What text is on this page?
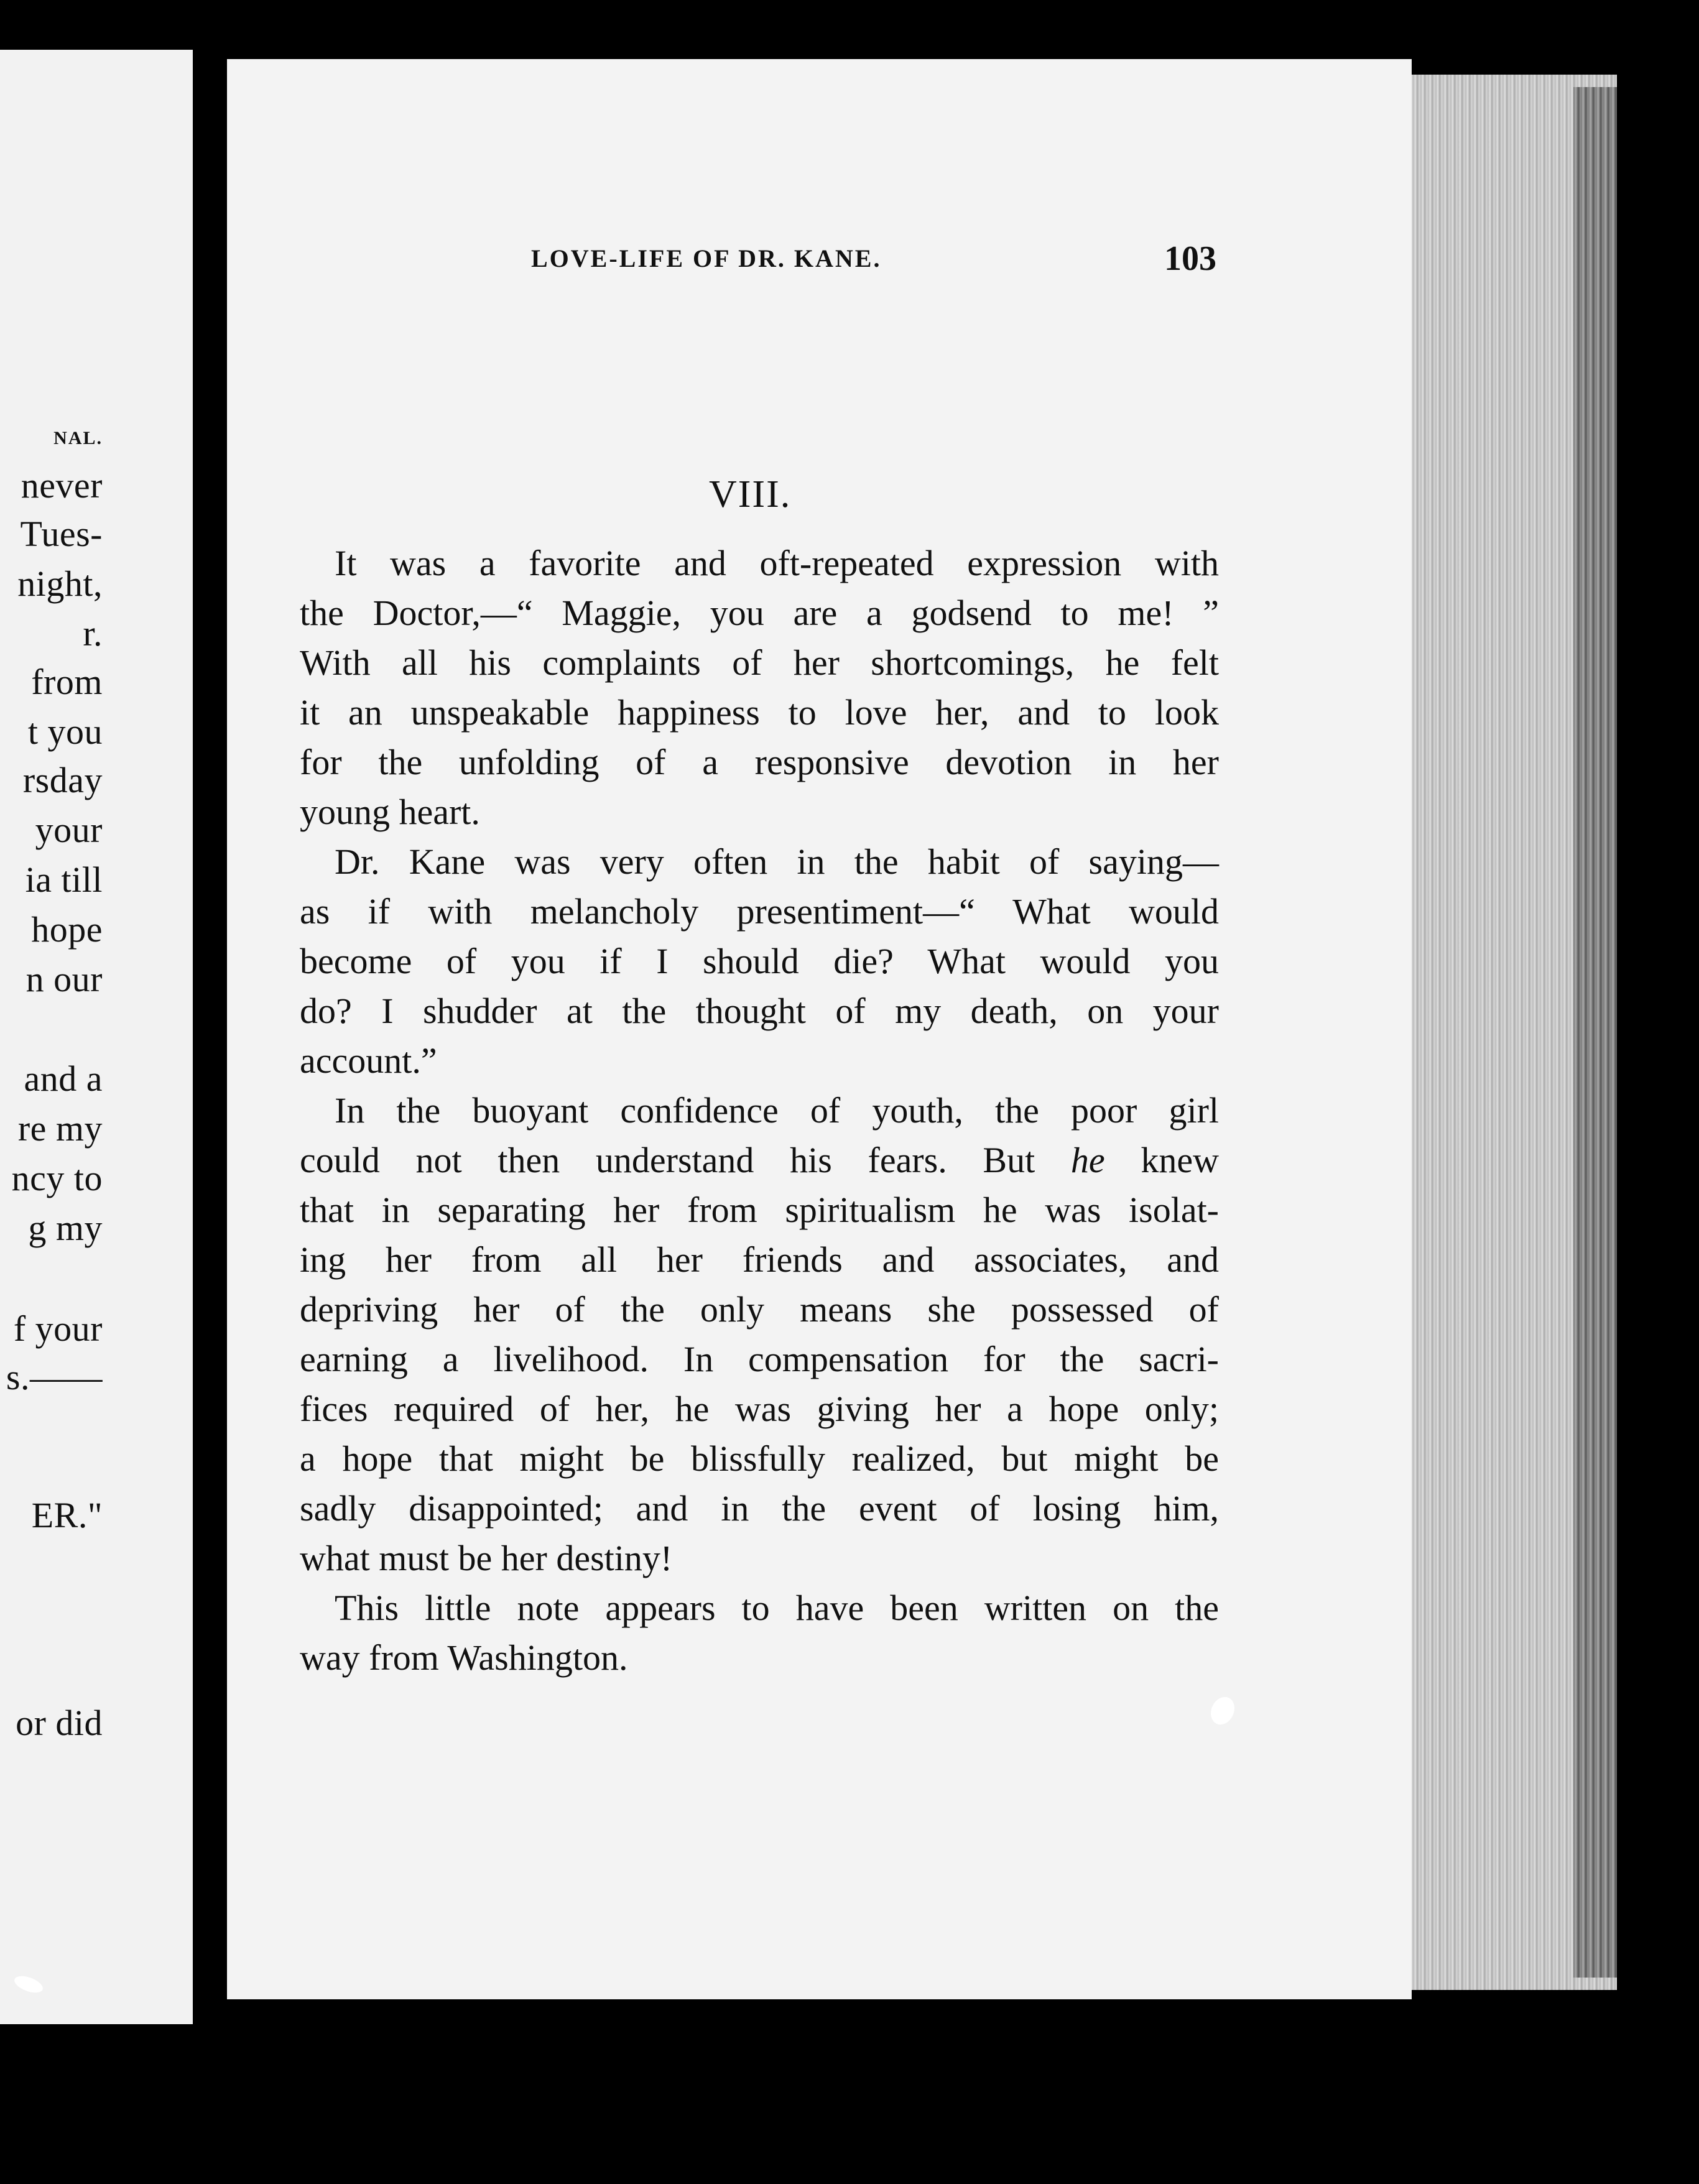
NAL.
never
Tues-
night,
r.
from
t you
rsday
your
ia till
hope
n our
and a
re my
ncy to
g my
f your
s.——
ER."
or did
LOVE-LIFE OF DR. KANE.	103
VIII.
It was a favorite and oft-repeated expression with
the Doctor,—“ Maggie, you are a godsend to me! ”
With all his complaints of her shortcomings, he felt
it an unspeakable happiness to love her, and to look
for the unfolding of a responsive devotion in her
young heart.
Dr. Kane was very often in the habit of saying—
as if with melancholy presentiment—“ What would
become of you if I should die? What would you
do? I shudder at the thought of my death, on your
account.”
In the buoyant confidence of youth, the poor girl
could not then understand his fears. But he knew
that in separating her from spiritualism he was isolat-
ing her from all her friends and associates, and
depriving her of the only means she possessed of
earning a livelihood. In compensation for the sacri-
fices required of her, he was giving her a hope only;
a hope that might be blissfully realized, but might be
sadly disappointed; and in the event of losing him,
what must be her destiny!
This little note appears to have been written on the
way from Washington.
